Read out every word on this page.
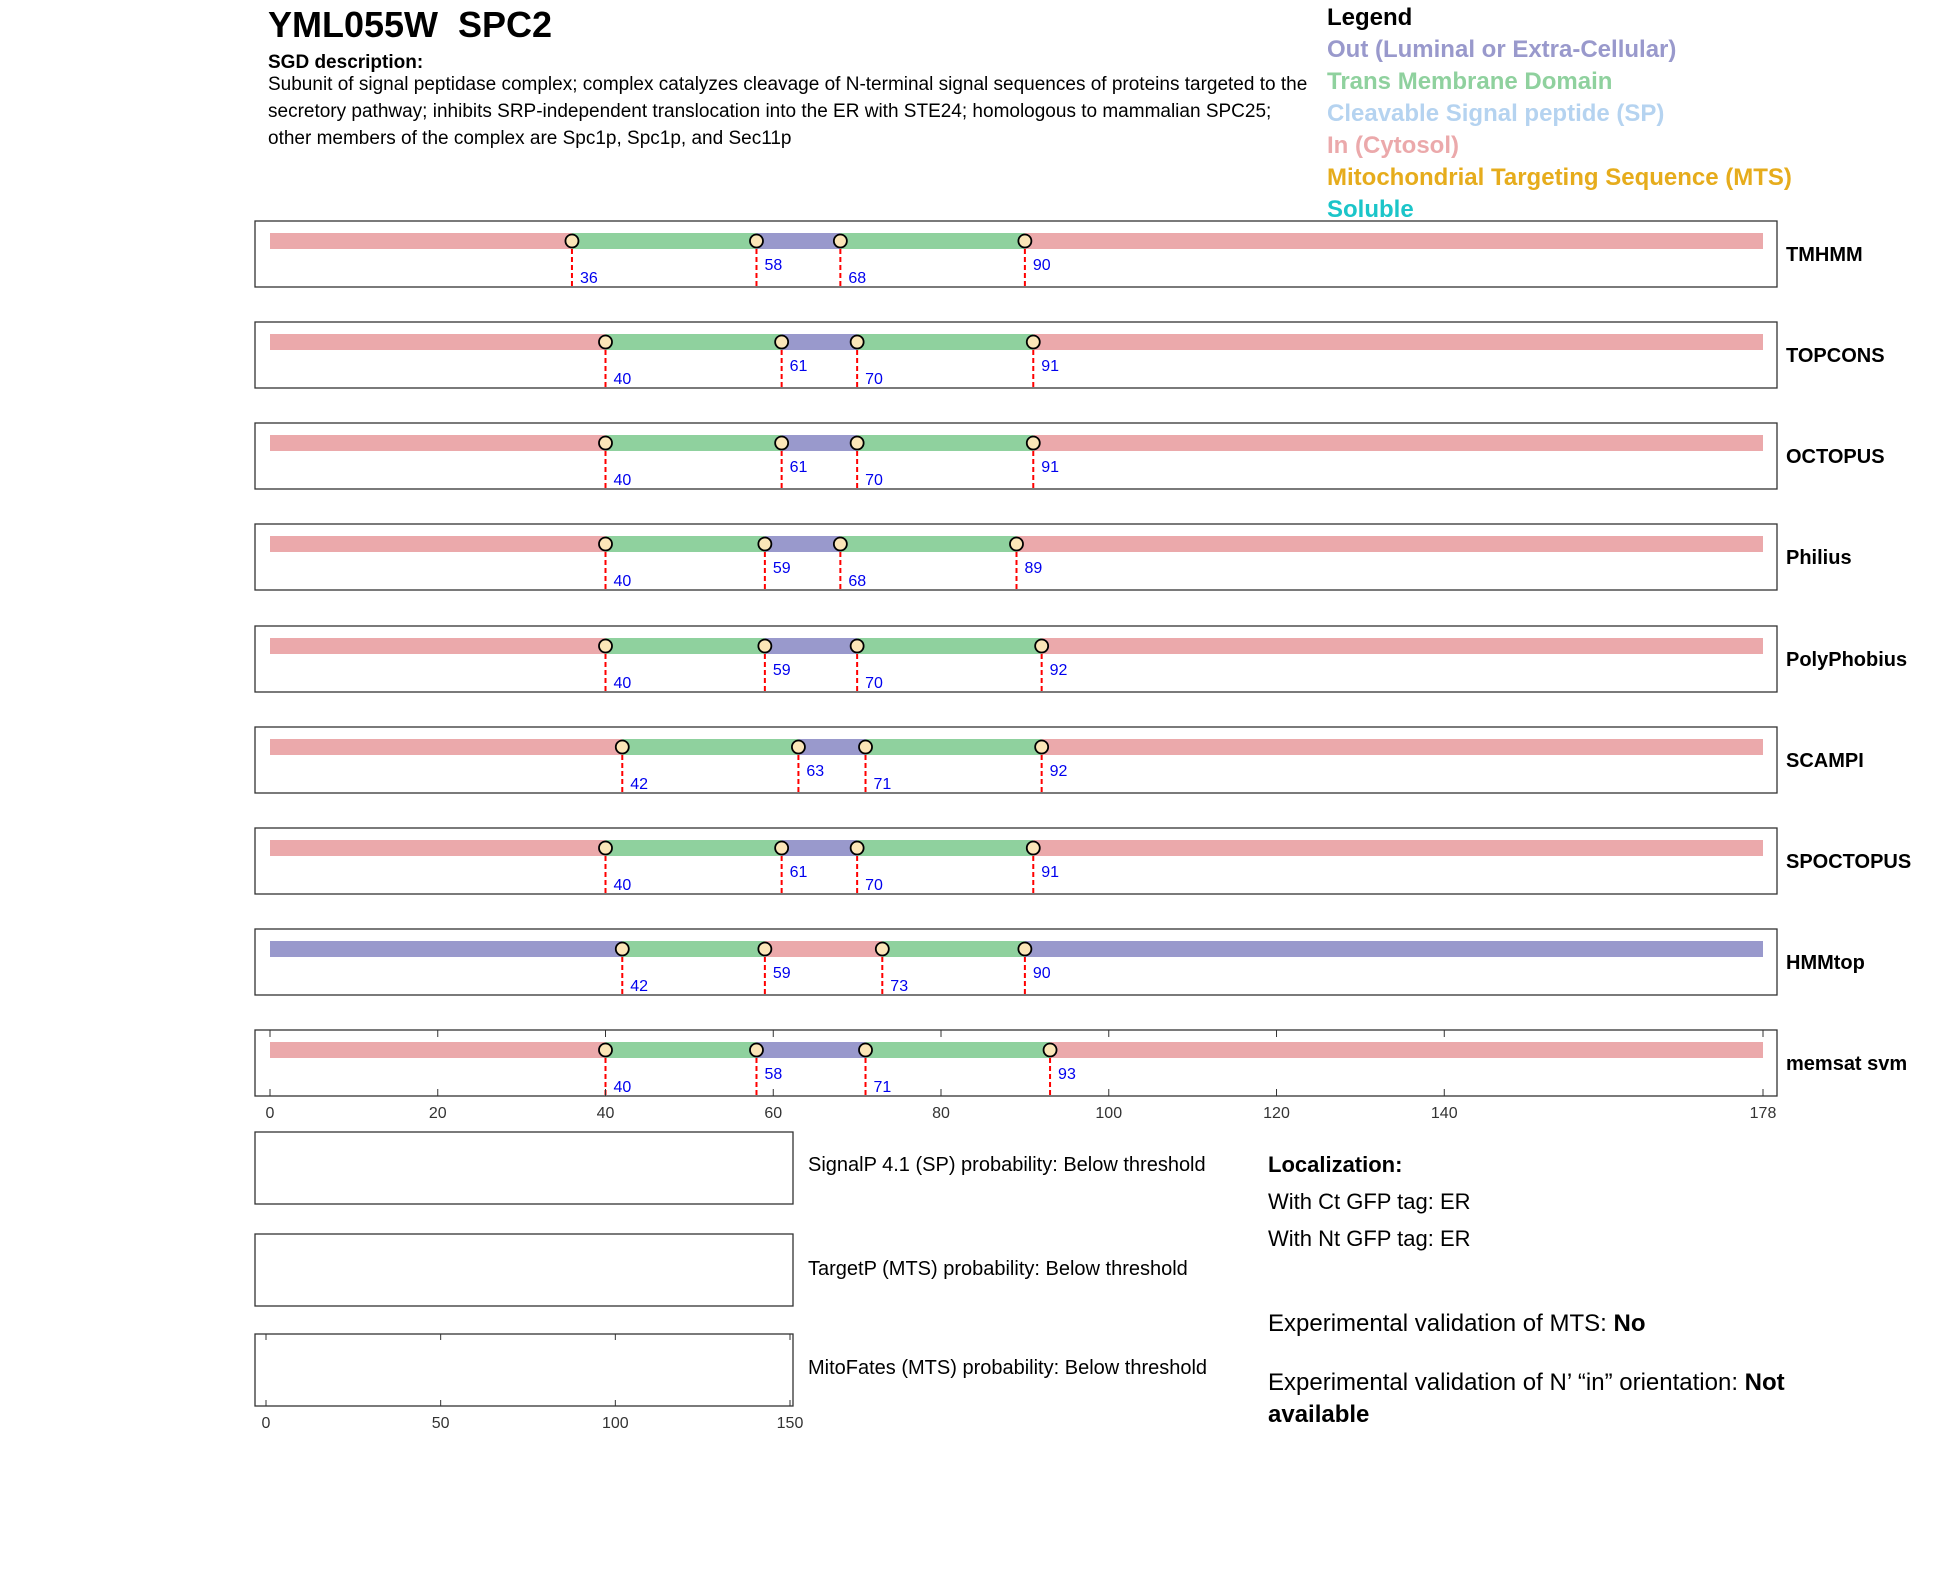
YML055W  SPC2
SGD description:
Subunit of signal peptidase complex; complex catalyzes cleavage of N-terminal signal sequences of proteins targeted to the secretory pathway; inhibits SRP-independent translocation into the ER with STE24; homologous to mammalian SPC25; other members of the complex are Spc1p, Spc1p, and Sec11p
Legend
Out (Luminal or Extra-Cellular)
Trans Membrane Domain
Cleavable Signal peptide (SP)
In (Cytosol)
Mitochondrial Targeting Sequence (MTS)
Soluble
36
58
68
90	TMHMM
40
61
70
91	TOPCONS
40
61
70
91	OCTOPUS
40
59
68
89	Philius
40
59
70
92	PolyPhobius
42
63
71
92	SCAMPI
40
61
70
91	SPOCTOPUS
42
59
73
90	HMMtop
40
58
71
93	memsat svm
0	20	40	60	80	100	120	140	178
0	50	100	150
SignalP 4.1 (SP) probability: Below threshold
TargetP (MTS) probability: Below threshold
MitoFates (MTS) probability: Below threshold
Localization:
With Ct GFP tag: ER
With Nt GFP tag: ER
Experimental validation of MTS: No
Experimental validation of N’ “in” orientation: Not available
